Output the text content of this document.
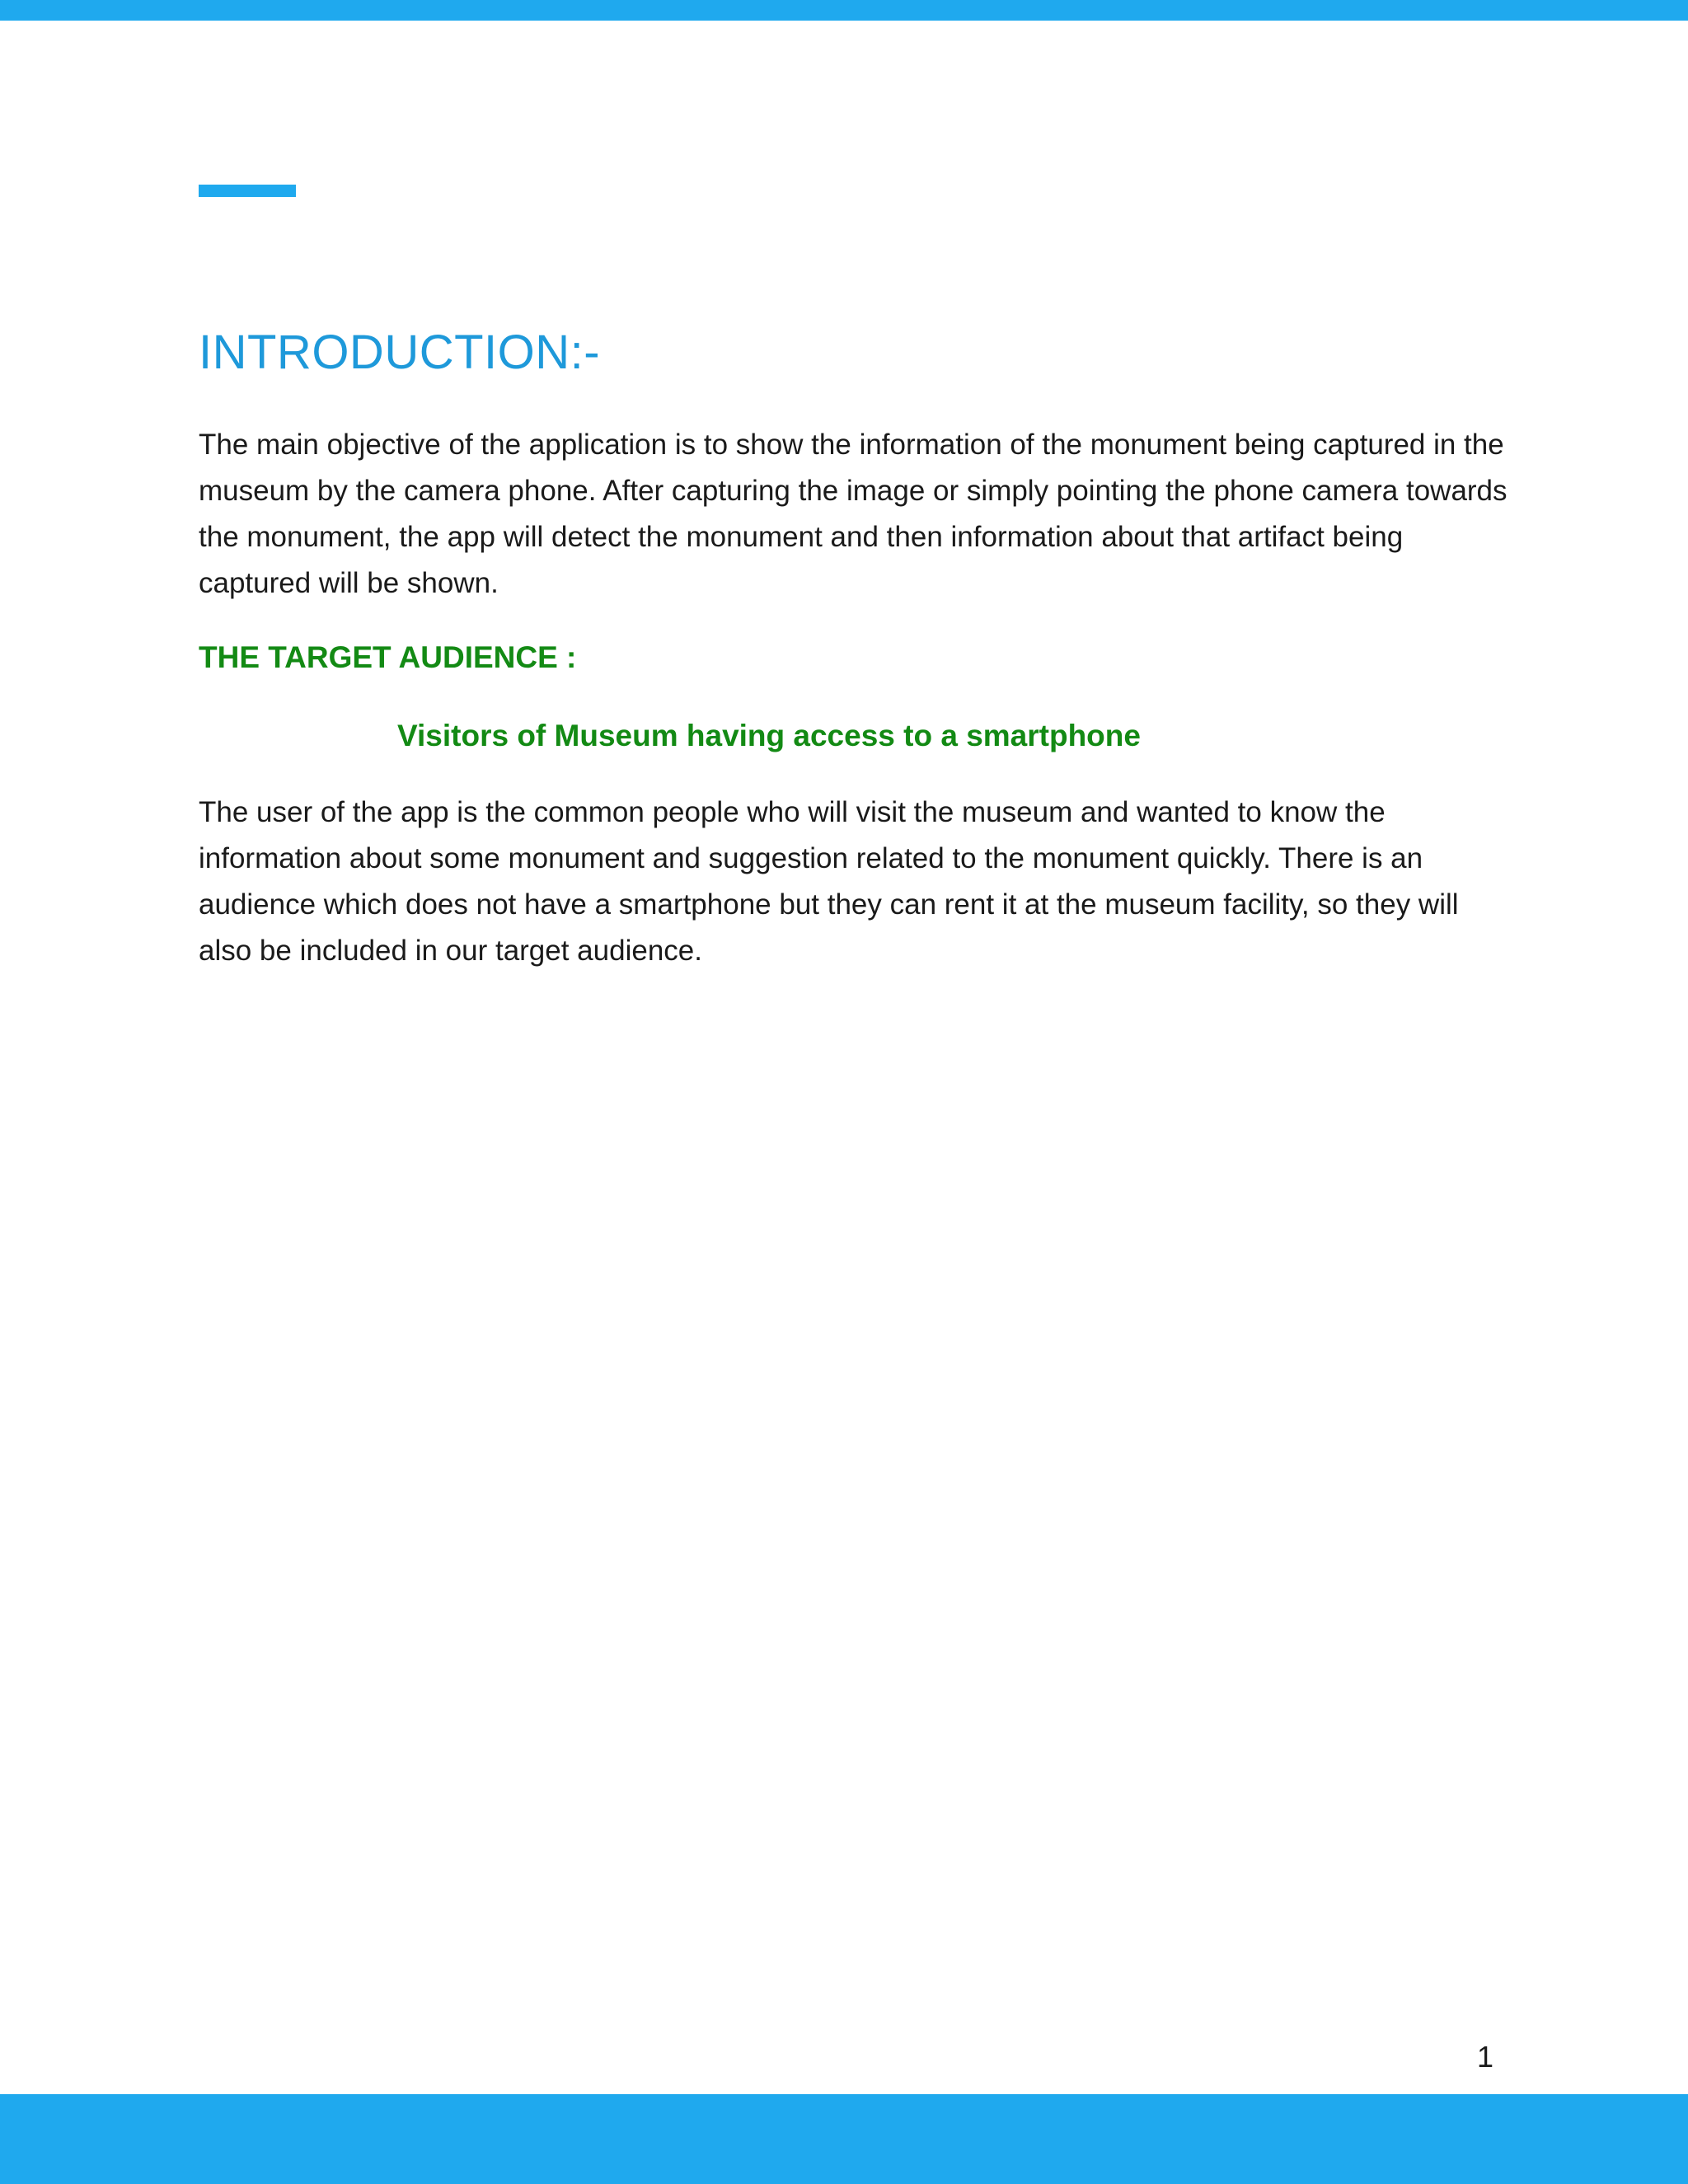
INTRODUCTION:-

The main objective of the application is to show the information of the monument being captured in the museum by the camera phone. After capturing the image or simply pointing the phone camera towards the monument, the app will detect the monument and then information about that artifact being captured will be shown.

THE TARGET AUDIENCE :
Visitors of Museum having access to a smartphone

The user of the app is the common people who will visit the museum and wanted to know the information about some monument and suggestion related to the monument quickly. There is an audience which does not have a smartphone but they can rent it at the museum facility, so they will also be included in our target audience.

1
